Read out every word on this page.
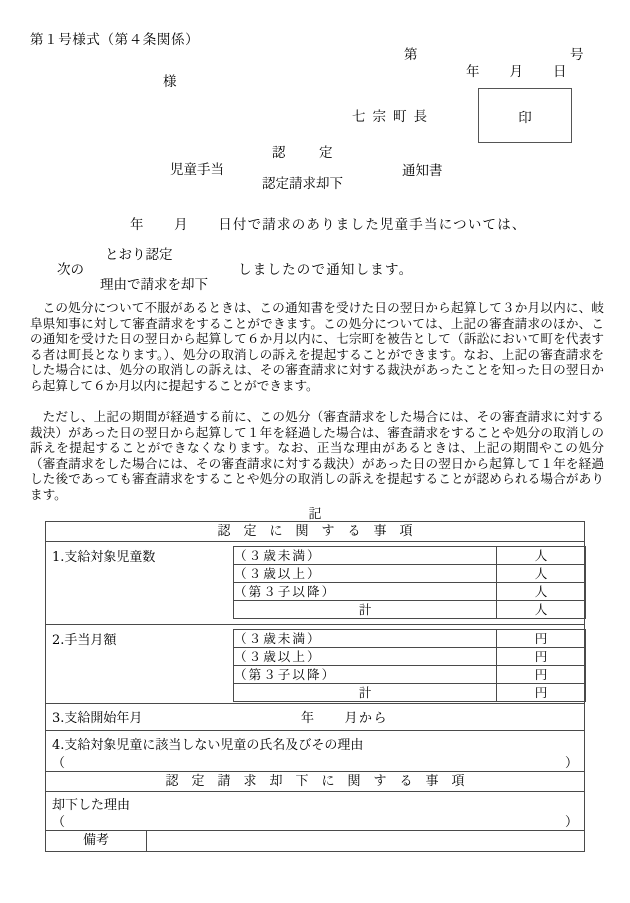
第１号様式（第４条関係）
第	号
年　　月　　日
様
七宗町長

	印

児童手当
認　定
認定請求却下
通知書
年　　月　　日付で請求のありました児童手当については、
次の
とおり認定
理由で請求を却下
しましたので通知します。
この処分について不服があるときは、この通知書を受けた日の翌日から起算して３か月以内に、岐阜県知事に対して審査請求をすることができます。この処分については、上記の審査請求のほか、この通知を受けた日の翌日から起算して６か月以内に、七宗町を被告として（訴訟において町を代表する者は町長となります。）、処分の取消しの訴えを提起することができます。なお、上記の審査請求をした場合には、処分の取消しの訴えは、その審査請求に対する裁決があったことを知った日の翌日から起算して６か月以内に提起することができます。
ただし、上記の期間が経過する前に、この処分（審査請求をした場合には、その審査請求に対する裁決）があった日の翌日から起算して１年を経過した場合は、審査請求をすることや処分の取消しの訴えを提起することができなくなります。なお、正当な理由があるときは、上記の期間やこの処分（審査請求をした場合には、その審査請求に対する裁決）があった日の翌日から起算して１年を経過した後であっても審査請求をすることや処分の取消しの訴えを提起することが認められる場合があります。
記
認定に関する事項

1.支給対象児童数	（３歳未満）	人
（３歳以上）	人
（第３子以降）	人
計	人

2.手当月額	（３歳未満）	円
（３歳以上）	円
（第３子以降）	円
計	円

3.支給開始年月	年　　月から

4.支給対象児童に該当しない児童の氏名及びその理由
（	）

認定請求却下に関する事項

却下した理由
（	）

備考	
